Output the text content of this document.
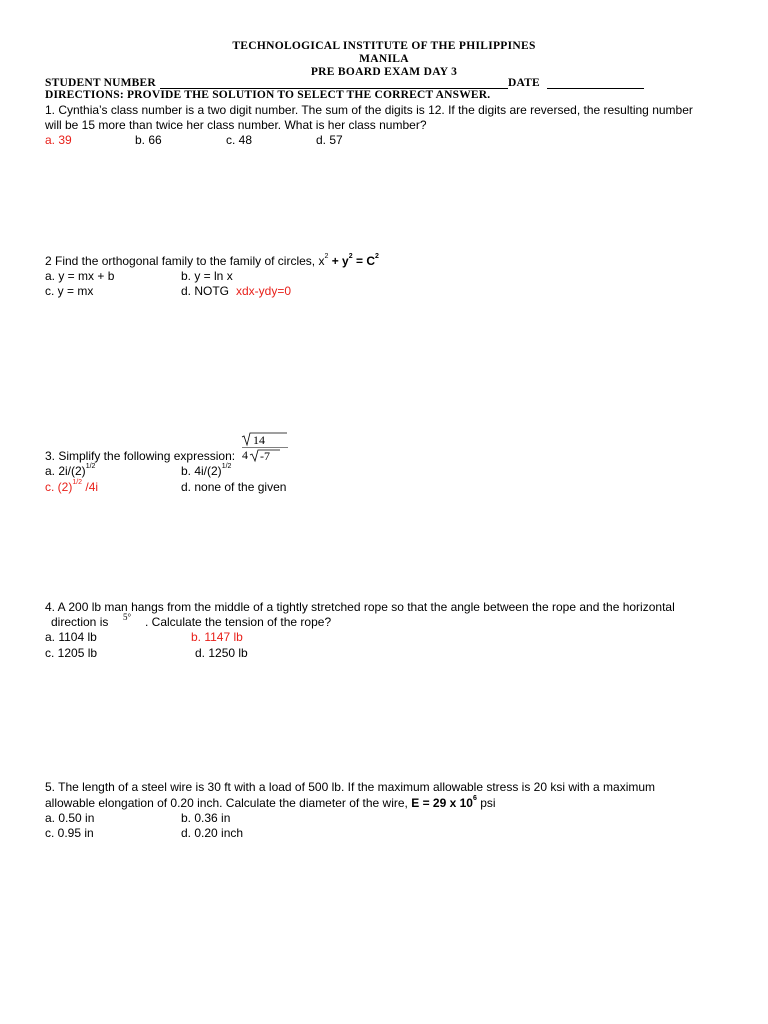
TECHNOLOGICAL INSTITUTE OF THE PHILIPPINES
MANILA
PRE BOARD EXAM DAY 3
STUDENT NUMBER	DATE
DIRECTIONS: PROVIDE THE SOLUTION TO SELECT THE CORRECT ANSWER.
1. Cynthia’s class number is a two digit number. The sum of the digits is 12. If the digits are reversed, the resulting number
will be 15 more than twice her class number. What is her class number?
a. 39	b. 66	c. 48	d. 57
2 Find the orthogonal family to the family of circles, $x^2 + y^2 = C^2$
a. y = mx + b	b. y = ln x
c. y = mx	d. NOTG xdx-ydy=0
14
4 -7
3. Simplify the following expression:
a. $2i/(2)^{1/2}$	b. $4i/(2)^{1/2}$
c. $(2)^{1/2}$ /4i	d. none of the given
4. A 200 lb man hangs from the middle of a tightly stretched rope so that the angle between the rope and the horizontal
direction is 5° . Calculate the tension of the rope?
a. 1104 lb	b. 1147 lb
c. 1205 lb	d. 1250 lb
5. The length of a steel wire is 30 ft with a load of 500 lb. If the maximum allowable stress is 20 ksi with a maximum
allowable elongation of 0.20 inch. Calculate the diameter of the wire, E = 29 x $10^6$ psi
a. 0.50 in	b. 0.36 in
c. 0.95 in	d. 0.20 inch
